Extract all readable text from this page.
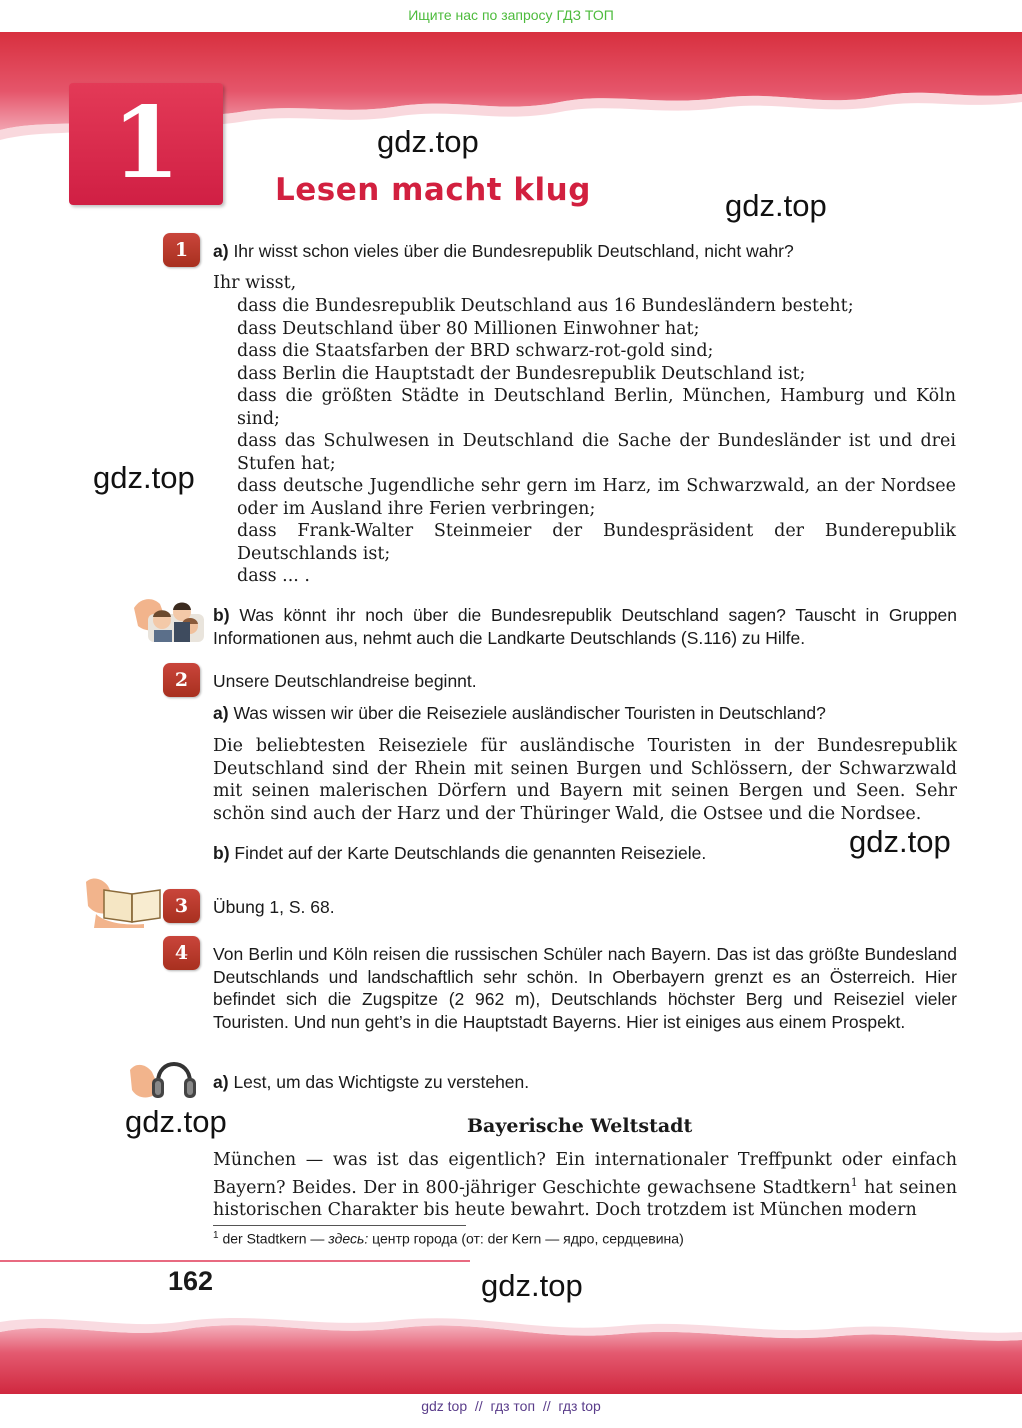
Ищите нас по запросу ГДЗ ТОП
1	gdz.top
gdz.top
gdz.top
gdz.top
gdz.top
gdz.top
Lesen macht klug
1	a) Ihr wisst schon vieles über die Bundesrepublik Deutschland, nicht wahr?
Ihr wisst,
dass die Bundesrepublik Deutschland aus 16 Bundesländern besteht;
dass Deutschland über 80 Millionen Einwohner hat;
dass die Staatsfarben der BRD schwarz-rot-gold sind;
dass Berlin die Hauptstadt der Bundesrepublik Deutschland ist;
dass die größten Städte in Deutschland Berlin, München, Hamburg und Köln sind;
dass das Schulwesen in Deutschland die Sache der Bundesländer ist und drei Stufen hat;
dass deutsche Jugendliche sehr gern im Harz, im Schwarzwald, an der Nordsee oder im Ausland ihre Ferien verbringen;
dass Frank-Walter Steinmeier der Bundespräsident der Bunderepublik Deutschlands ist;
dass ... .
b) Was könnt ihr noch über die Bundesrepublik Deutschland sagen? Tauscht in Gruppen Informationen aus, nehmt auch die Landkarte Deutschlands (S.116) zu Hilfe.
2	Unsere Deutschlandreise beginnt.
a) Was wissen wir über die Reiseziele ausländischer Touristen in Deutschland?
Die beliebtesten Reiseziele für ausländische Touristen in der Bundesrepublik Deutschland sind der Rhein mit seinen Burgen und Schlössern, der Schwarzwald mit seinen malerischen Dörfern und Bayern mit seinen Bergen und Seen. Sehr schön sind auch der Harz und der Thüringer Wald, die Ostsee und die Nordsee.
b) Findet auf der Karte Deutschlands die genannten Reiseziele.
3	Übung 1, S. 68.
4	Von Berlin und Köln reisen die russischen Schüler nach Bayern. Das ist das größte Bundesland Deutschlands und landschaftlich sehr schön. In Oberbayern grenzt es an Österreich. Hier befindet sich die Zugspitze (2 962 m), Deutschlands höchster Berg und Reiseziel vieler Touristen. Und nun geht’s in die Hauptstadt Bayerns. Hier ist einiges aus einem Prospekt.
a) Lest, um das Wichtigste zu verstehen.
Bayerische Weltstadt
München — was ist das eigentlich? Ein internationaler Treffpunkt oder einfach Bayern? Beides. Der in 800-jähriger Geschichte gewachsene Stadtkern$^1$ hat seinen historischen Charakter bis heute bewahrt. Doch trotzdem ist München modern
$^1$ der Stadtkern — здесь: центр города (от: der Kern — ядро, сердцевина)
162
gdz top  //  гдз топ  //  гдз top
